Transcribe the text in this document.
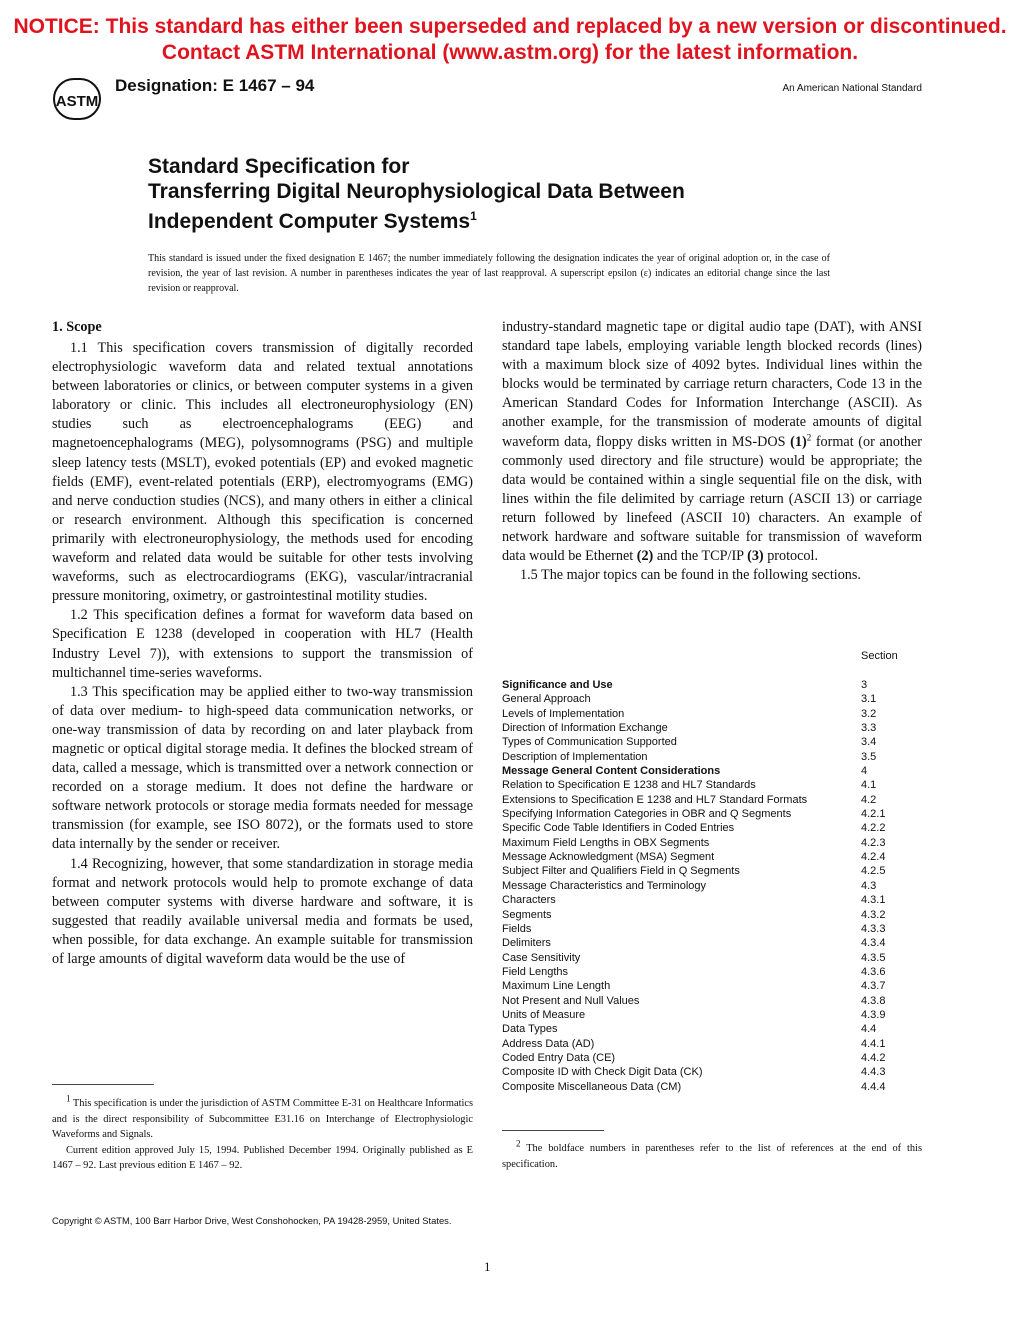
NOTICE: This standard has either been superseded and replaced by a new version or discontinued.
Contact ASTM International (www.astm.org) for the latest information.
ASTM
Designation: E 1467 – 94	An American National Standard
Standard Specification for
Transferring Digital Neurophysiological Data Between
Independent Computer Systems$^1$
This standard is issued under the fixed designation E 1467; the number immediately following the designation indicates the year of original adoption or, in the case of revision, the year of last revision. A number in parentheses indicates the year of last reapproval. A superscript epsilon (ε) indicates an editorial change since the last revision or reapproval.
1. Scope

1.1 This specification covers transmission of digitally recorded electrophysiologic waveform data and related textual annotations between laboratories or clinics, or between computer systems in a given laboratory or clinic. This includes all electroneurophysiology (EN) studies such as electroencephalograms (EEG) and magnetoencephalograms (MEG), polysomnograms (PSG) and multiple sleep latency tests (MSLT), evoked potentials (EP) and evoked magnetic fields (EMF), event-related potentials (ERP), electromyograms (EMG) and nerve conduction studies (NCS), and many others in either a clinical or research environment. Although this specification is concerned primarily with electroneurophysiology, the methods used for encoding waveform and related data would be suitable for other tests involving waveforms, such as electrocardiograms (EKG), vascular/intracranial pressure monitoring, oximetry, or gastrointestinal motility studies.

1.2 This specification defines a format for waveform data based on Specification E 1238 (developed in cooperation with HL7 (Health Industry Level 7)), with extensions to support the transmission of multichannel time-series waveforms.

1.3 This specification may be applied either to two-way transmission of data over medium- to high-speed data communication networks, or one-way transmission of data by recording on and later playback from magnetic or optical digital storage media. It defines the blocked stream of data, called a message, which is transmitted over a network connection or recorded on a storage medium. It does not define the hardware or software network protocols or storage media formats needed for message transmission (for example, see ISO 8072), or the formats used to store data internally by the sender or receiver.

1.4 Recognizing, however, that some standardization in storage media format and network protocols would help to promote exchange of data between computer systems with diverse hardware and software, it is suggested that readily available universal media and formats be used, when possible, for data exchange. An example suitable for transmission of large amounts of digital waveform data would be the use of

industry-standard magnetic tape or digital audio tape (DAT), with ANSI standard tape labels, employing variable length blocked records (lines) with a maximum block size of 4092 bytes. Individual lines within the blocks would be terminated by carriage return characters, Code 13 in the American Standard Codes for Information Interchange (ASCII). As another example, for the transmission of moderate amounts of digital waveform data, floppy disks written in MS-DOS (1)$^2$ format (or another commonly used directory and file structure) would be appropriate; the data would be contained within a single sequential file on the disk, with lines within the file delimited by carriage return (ASCII 13) or carriage return followed by linefeed (ASCII 10) characters. An example of network hardware and software suitable for transmission of waveform data would be Ethernet (2) and the TCP/IP (3) protocol.

1.5 The major topics can be found in the following sections.

Section
Significance and Use	3
General Approach	3.1
Levels of Implementation	3.2
Direction of Information Exchange	3.3
Types of Communication Supported	3.4
Description of Implementation	3.5
Message General Content Considerations	4
Relation to Specification E 1238 and HL7 Standards	4.1
Extensions to Specification E 1238 and HL7 Standard Formats	4.2
Specifying Information Categories in OBR and Q Segments	4.2.1
Specific Code Table Identifiers in Coded Entries	4.2.2
Maximum Field Lengths in OBX Segments	4.2.3
Message Acknowledgment (MSA) Segment	4.2.4
Subject Filter and Qualifiers Field in Q Segments	4.2.5
Message Characteristics and Terminology	4.3
Characters	4.3.1
Segments	4.3.2
Fields	4.3.3
Delimiters	4.3.4
Case Sensitivity	4.3.5
Field Lengths	4.3.6
Maximum Line Length	4.3.7
Not Present and Null Values	4.3.8
Units of Measure	4.3.9
Data Types	4.4
Address Data (AD)	4.4.1
Coded Entry Data (CE)	4.4.2
Composite ID with Check Digit Data (CK)	4.4.3
Composite Miscellaneous Data (CM)	4.4.4

$^1$ This specification is under the jurisdiction of ASTM Committee E-31 on Healthcare Informatics and is the direct responsibility of Subcommittee E31.16 on Interchange of Electrophysiologic Waveforms and Signals.

Current edition approved July 15, 1994. Published December 1994. Originally published as E 1467 – 92. Last previous edition E 1467 – 92.

$^2$ The boldface numbers in parentheses refer to the list of references at the end of this specification.

Copyright © ASTM, 100 Barr Harbor Drive, West Conshohocken, PA 19428-2959, United States.
1
